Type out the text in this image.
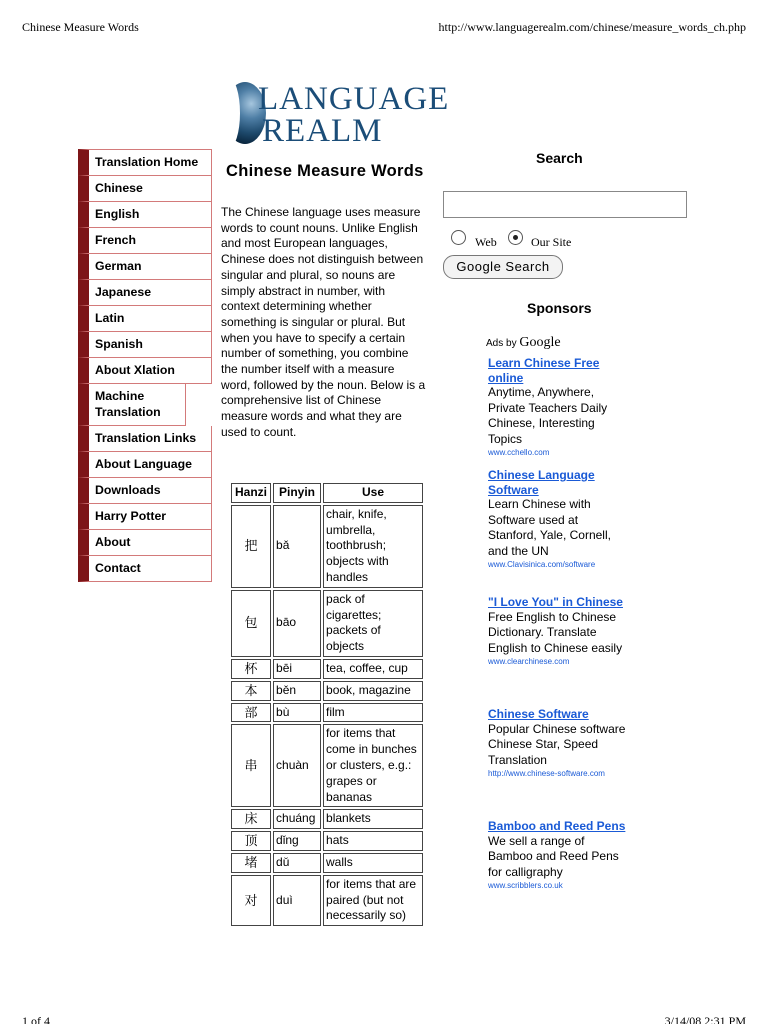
Chinese Measure Words	http://www.languagerealm.com/chinese/measure_words_ch.php
LANGUAGE
REALM
Translation Home
Chinese
English
French
German
Japanese
Latin
Spanish
About Xlation
Machine Translation
Translation Links
About Language
Downloads
Harry Potter
About
Contact
Chinese Measure Words

The Chinese language uses measure words to count nouns. Unlike English and most European languages, Chinese does not distinguish between singular and plural, so nouns are simply abstract in number, with context determining whether something is singular or plural. But when you have to specify a certain number of something, you combine the number itself with a measure word, followed by the noun. Below is a comprehensive list of Chinese measure words and what they are used to count.

Hanzi	Pinyin	Use
把	bǎ	chair, knife, umbrella, toothbrush; objects with handles
包	bāo	pack of cigarettes; packets of objects
杯	bēi	tea, coffee, cup
本	běn	book, magazine
部	bù	film
串	chuàn	for items that come in bunches or clusters, e.g.: grapes or bananas
床	chuáng	blankets
顶	dǐng	hats
堵	dǔ	walls
对	duì	for items that are paired (but not necessarily so)
Search
Web	Our Site
Google Search
Sponsors
Ads by Google
Learn Chinese Free online
Anytime, Anywhere, Private Teachers Daily Chinese, Interesting Topics
www.cchello.com
Chinese Language Software
Learn Chinese with Software used at Stanford, Yale, Cornell, and the UN
www.Clavisinica.com/software
"I Love You" in Chinese
Free English to Chinese Dictionary. Translate English to Chinese easily
www.clearchinese.com
Chinese Software
Popular Chinese software Chinese Star, Speed Translation
http://www.chinese-software.com
Bamboo and Reed Pens
We sell a range of Bamboo and Reed Pens for calligraphy
www.scribblers.co.uk
1 of 4	3/14/08 2:31 PM
